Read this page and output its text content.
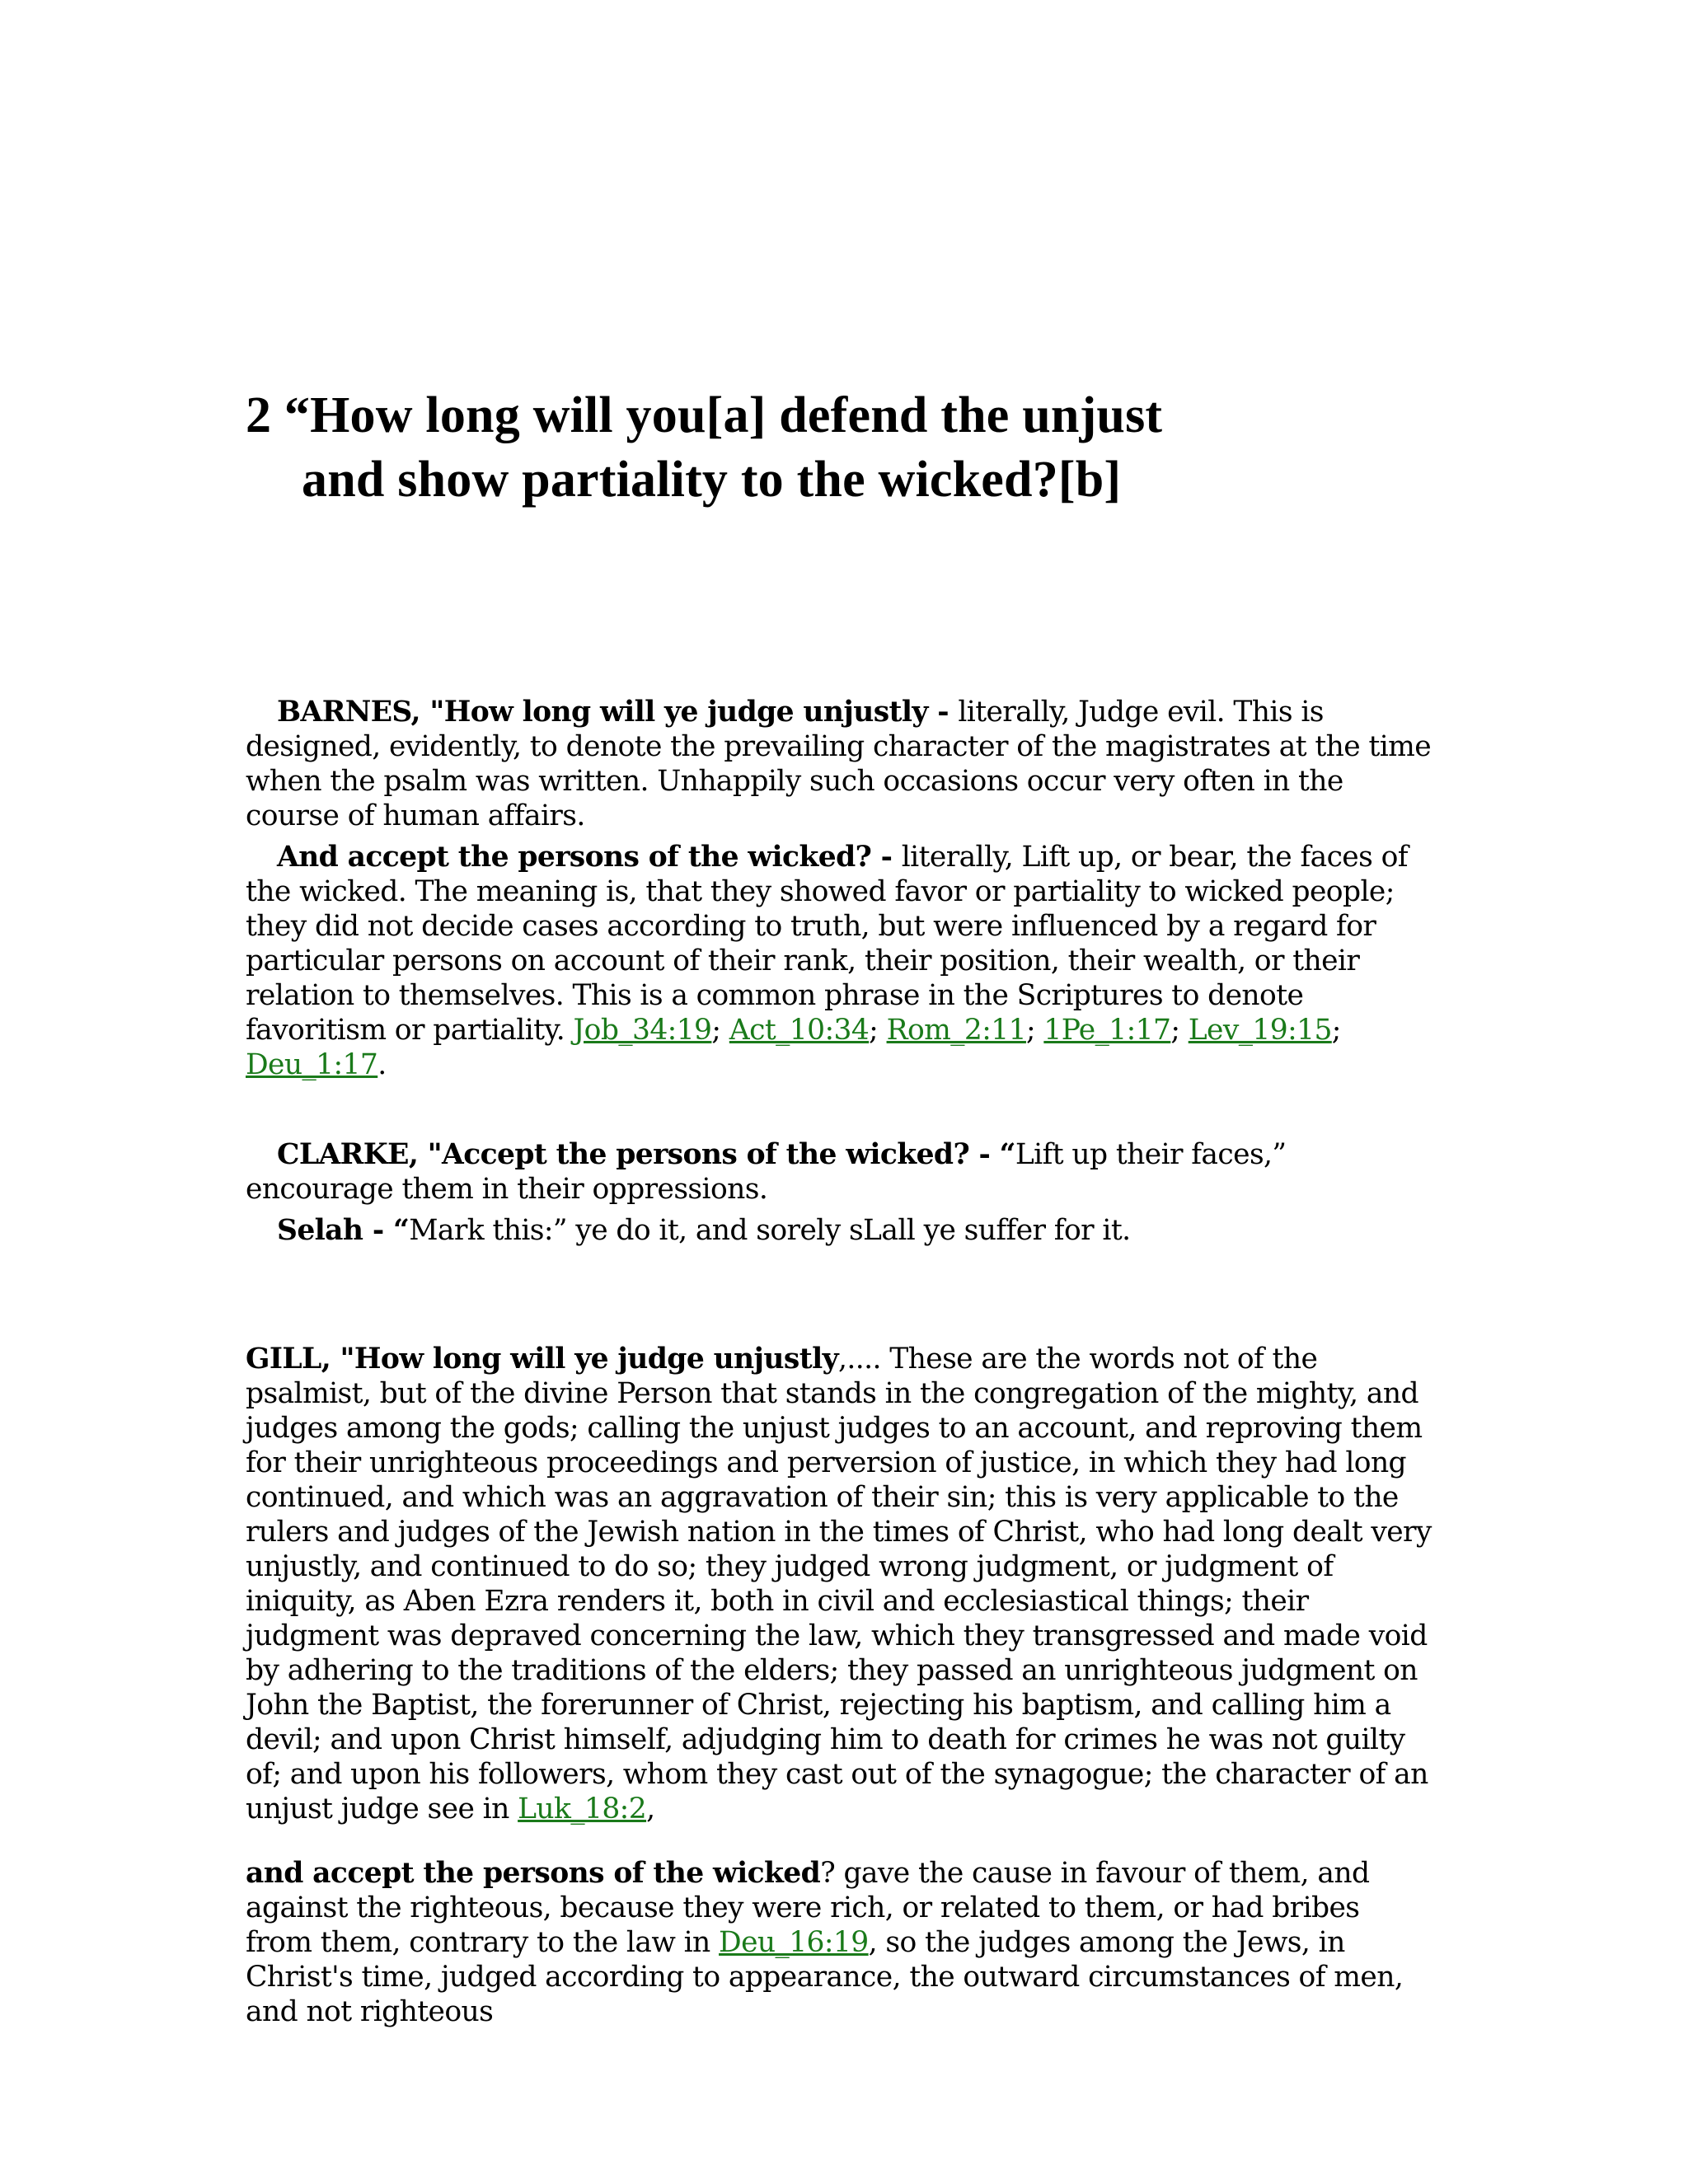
2 “How long will you[a] defend the unjust
and show partiality to the wicked?[b]

BARNES, "How long will ye judge unjustly - literally, Judge evil. This is designed, evidently, to denote the prevailing character of the magistrates at the time when the psalm was written. Unhappily such occasions occur very often in the course of human affairs.

And accept the persons of the wicked? - literally, Lift up, or bear, the faces of the wicked. The meaning is, that they showed favor or partiality to wicked people; they did not decide cases according to truth, but were influenced by a regard for particular persons on account of their rank, their position, their wealth, or their relation to themselves. This is a common phrase in the Scriptures to denote favoritism or partiality. Job_34:19; Act_10:34; Rom_2:11; 1Pe_1:17; Lev_19:15; Deu_1:17.

CLARKE, "Accept the persons of the wicked? - “Lift up their faces,” encourage them in their oppressions.

Selah - “Mark this:” ye do it, and sorely sLall ye suffer for it.

GILL, "How long will ye judge unjustly,.... These are the words not of the psalmist, but of the divine Person that stands in the congregation of the mighty, and judges among the gods; calling the unjust judges to an account, and reproving them for their unrighteous proceedings and perversion of justice, in which they had long continued, and which was an aggravation of their sin; this is very applicable to the rulers and judges of the Jewish nation in the times of Christ, who had long dealt very unjustly, and continued to do so; they judged wrong judgment, or judgment of iniquity, as Aben Ezra renders it, both in civil and ecclesiastical things; their judgment was depraved concerning the law, which they transgressed and made void by adhering to the traditions of the elders; they passed an unrighteous judgment on John the Baptist, the forerunner of Christ, rejecting his baptism, and calling him a devil; and upon Christ himself, adjudging him to death for crimes he was not guilty of; and upon his followers, whom they cast out of the synagogue; the character of an unjust judge see in Luk_18:2,

and accept the persons of the wicked? gave the cause in favour of them, and against the righteous, because they were rich, or related to them, or had bribes from them, contrary to the law in Deu_16:19, so the judges among the Jews, in Christ's time, judged according to appearance, the outward circumstances of men, and not righteous
